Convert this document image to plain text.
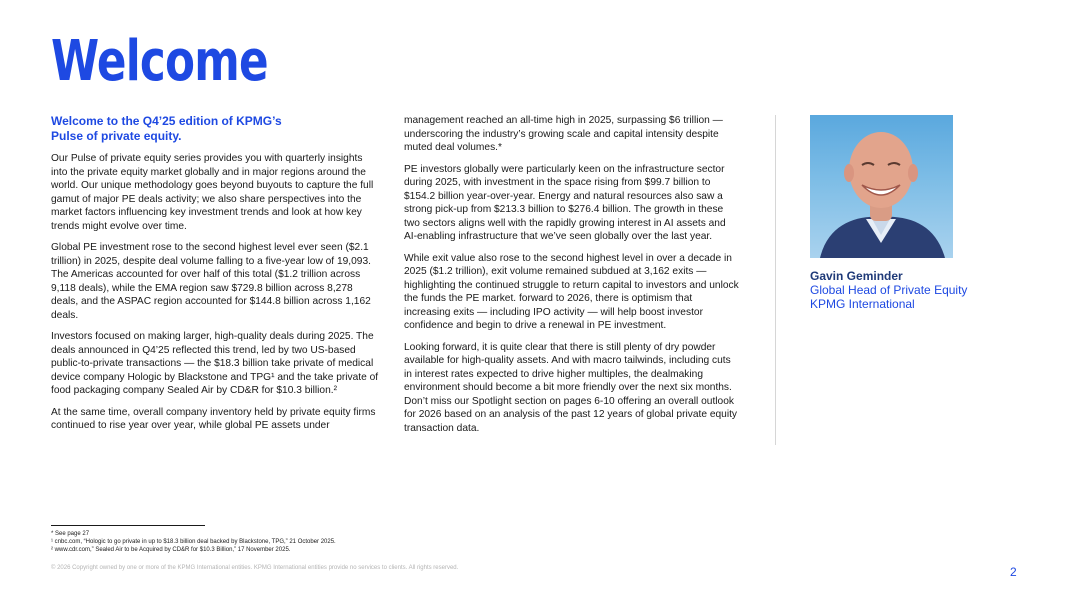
Welcome
Welcome to the Q4’25 edition of KPMG’s Pulse of private equity.

Our Pulse of private equity series provides you with quarterly insights into the private equity market globally and in major regions around the world. Our unique methodology goes beyond buyouts to capture the full gamut of major PE deals activity; we also share perspectives into the market factors influencing key investment trends and look at how key trends might evolve over time.

Global PE investment rose to the second highest level ever seen ($2.1 trillion) in 2025, despite deal volume falling to a five-year low of 19,093. The Americas accounted for over half of this total ($1.2 trillion across 9,118 deals), while the EMA region saw $729.8 billion across 8,278 deals, and the ASPAC region accounted for $144.8 billion across 1,162 deals.

Investors focused on making larger, high-quality deals during 2025. The deals announced in Q4’25 reflected this trend, led by two US-based public-to-private transactions — the $18.3 billion take private of medical device company Hologic by Blackstone and TPG¹ and the take private of food packaging company Sealed Air by CD&R for $10.3 billion.²

At the same time, overall company inventory held by private equity firms continued to rise year over year, while global PE assets under

management reached an all-time high in 2025, surpassing $6 trillion — underscoring the industry’s growing scale and capital intensity despite muted deal volumes.*

PE investors globally were particularly keen on the infrastructure sector during 2025, with investment in the space rising from $99.7 billion to $154.2 billion year-over-year. Energy and natural resources also saw a strong pick-up from $213.3 billion to $276.4 billion. The growth in these two sectors aligns well with the rapidly growing interest in AI assets and AI-enabling infrastructure that we’ve seen globally over the last year.

While exit value also rose to the second highest level in over a decade in 2025 ($1.2 trillion), exit volume remained subdued at 3,162 exits — highlighting the continued struggle to return capital to investors and unlock the funds the PE market. forward to 2026, there is optimism that increasing exits — including IPO activity — will help boost investor confidence and begin to drive a renewal in PE investment.

Looking forward, it is quite clear that there is still plenty of dry powder available for high-quality assets. And with macro tailwinds, including cuts in interest rates expected to drive higher multiples, the dealmaking environment should become a bit more friendly over the next six months. Don’t miss our Spotlight section on pages 6-10 offering an overall outlook for 2026 based on an analysis of the past 12 years of global private equity transaction data.

Gavin Geminder
Global Head of Private Equity
KPMG International
* See page 27
¹ cnbc.com, “Hologic to go private in up to $18.3 billion deal backed by Blackstone, TPG,” 21 October 2025.
² www.cdr.com,” Sealed Air to be Acquired by CD&R for $10.3 Billion,” 17 November 2025.
© 2026 Copyright owned by one or more of the KPMG International entities. KPMG International entities provide no services to clients. All rights reserved.	2
